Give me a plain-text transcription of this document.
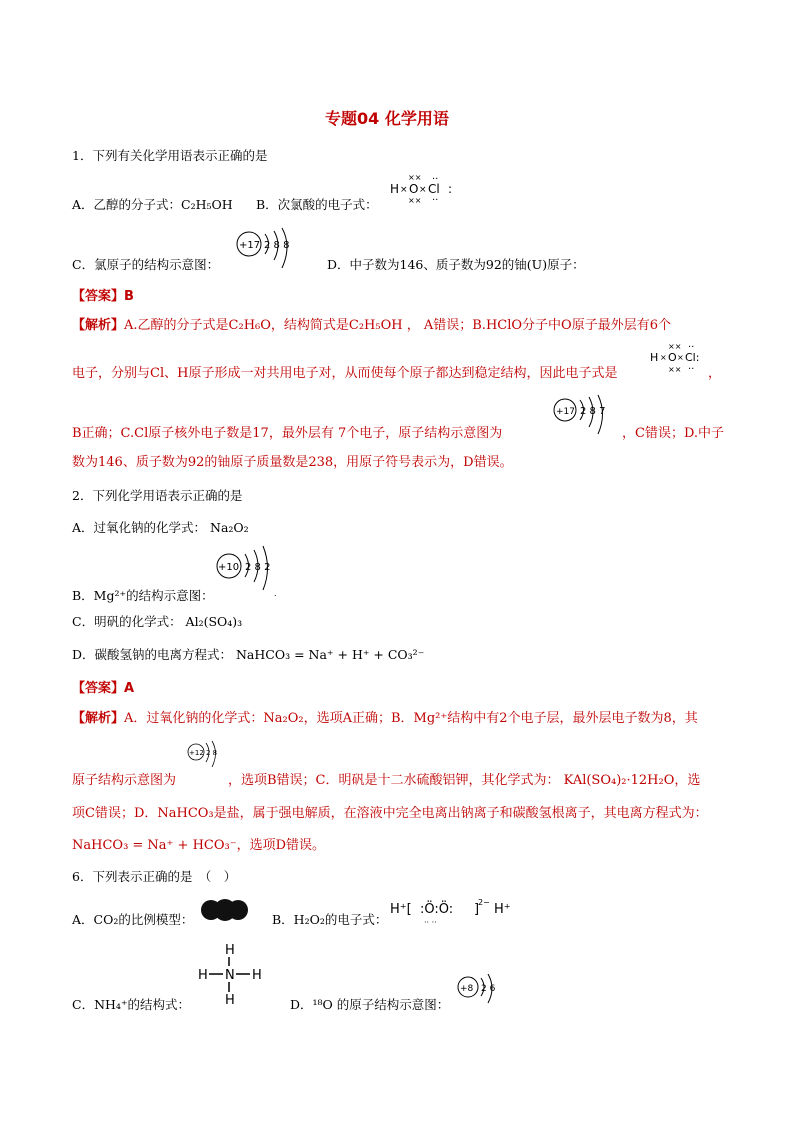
专题04 化学用语
1．下列有关化学用语表示正确的是
A．乙醇的分子式：C₂H₅OH B．次氯酸的电子式：
H × O × Cl :
××
××
··
··
C．氯原子的结构示意图：
+17 2 8 8
D．中子数为146、质子数为92的铀(U)原子：
【答案】B
【解析】A.乙醇的分子式是C₂H₆O，结构简式是C₂H₅OH ， A错误；B.HClO分子中O原子最外层有6个
电子，分别与Cl、H原子形成一对共用电子对，从而使每个原子都达到稳定结构，因此电子式是
H × O × Cl:
××
××
··
·· ，
B正确；C.Cl原子核外电子数是17，最外层有 7个电子，原子结构示意图为
+17 2 8 7
，C错误；D.中子
数为146、质子数为92的铀原子质量数是238，用原子符号表示为，D错误。
2．下列化学用语表示正确的是
A．过氧化钠的化学式： Na₂O₂
+10 2 8 2
.
B．Mg²⁺的结构示意图：
C．明矾的化学式： Al₂(SO₄)₃
D．碳酸氢钠的电离方程式： NaHCO₃ = Na⁺ + H⁺ + CO₃²⁻
【答案】A
【解析】A．过氧化钠的化学式：Na₂O₂，选项A正确；B．Mg²⁺结构中有2个电子层，最外层电子数为8，其
+12 2 8
原子结构示意图为	，选项B错误；C．明矾是十二水硫酸铝钾，其化学式为： KAl(SO₄)₂·12H₂O，选
项C错误；D．NaHCO₃是盐，属于强电解质，在溶液中完全电离出钠离子和碳酸氢根离子，其电离方程式为：
NaHCO₃ = Na⁺ + HCO₃⁻，选项D错误。
6．下列表示正确的是　（　）
A．CO₂的比例模型：	B．H₂O₂的电子式：
H⁺[ :Ö:Ö: ]
2− H⁺
·· ··
H
N
H	H
H
C．NH₄⁺的结构式：	D．¹⁸O 的原子结构示意图：
+8 2 6
